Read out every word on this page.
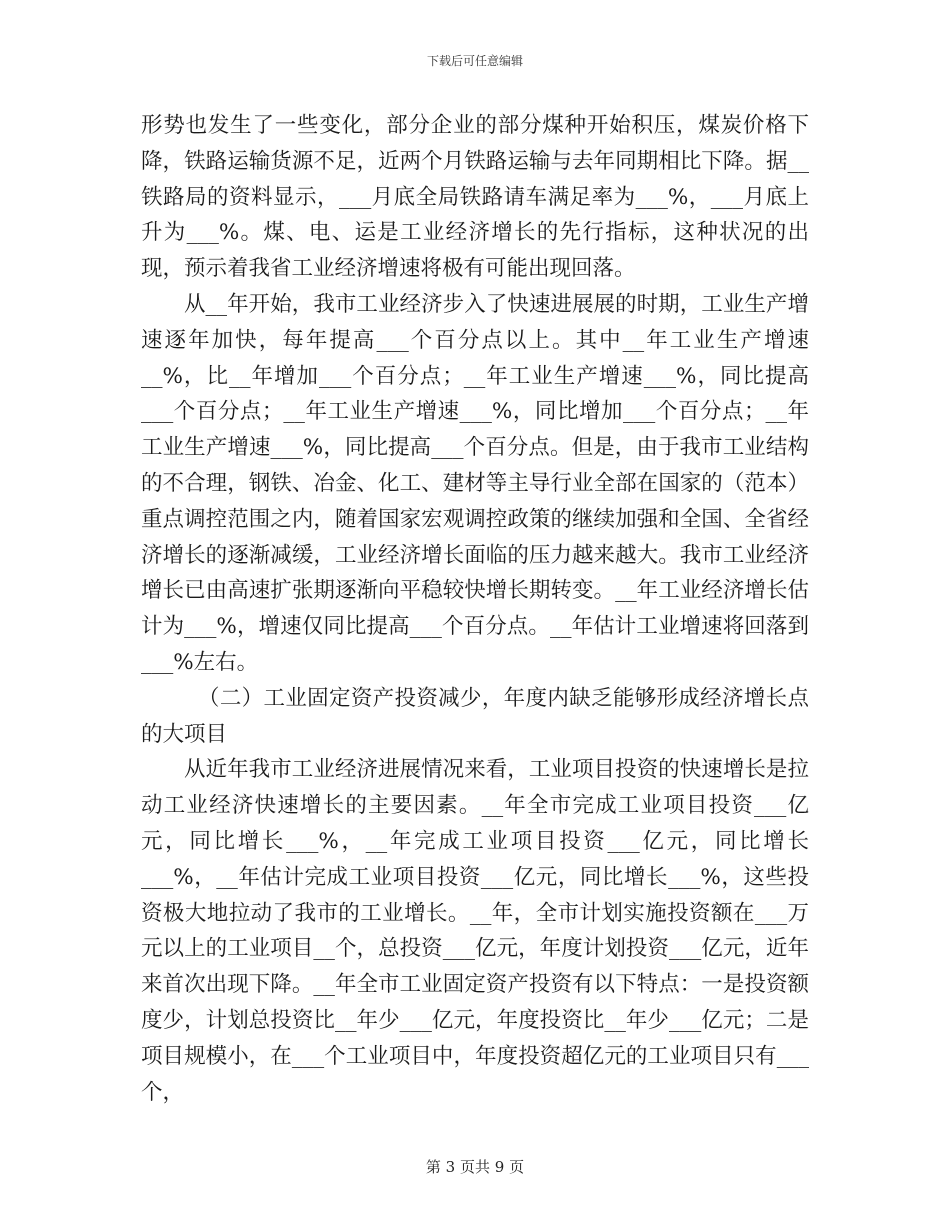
下载后可任意编辑

形势也发生了一些变化，部分企业的部分煤种开始积压，煤炭价格下降，铁路运输货源不足，近两个月铁路运输与去年同期相比下降。据__铁路局的资料显示，___月底全局铁路请车满足率为___%，___月底上升为___%。煤、电、运是工业经济增长的先行指标，这种状况的出现，预示着我省工业经济增速将极有可能出现回落。

从__年开始，我市工业经济步入了快速进展展的时期，工业生产增速逐年加快，每年提高___个百分点以上。其中__年工业生产增速__%，比__年增加___个百分点；__年工业生产增速___%，同比提高___个百分点；__年工业生产增速___%，同比增加___个百分点；__年工业生产增速___%，同比提高___个百分点。但是，由于我市工业结构的不合理，钢铁、冶金、化工、建材等主导行业全部在国家的（范本）重点调控范围之内，随着国家宏观调控政策的继续加强和全国、全省经济增长的逐渐减缓，工业经济增长面临的压力越来越大。我市工业经济增长已由高速扩张期逐渐向平稳较快增长期转变。__年工业经济增长估计为___%，增速仅同比提高___个百分点。__年估计工业增速将回落到___%左右。

（二）工业固定资产投资减少，年度内缺乏能够形成经济增长点的大项目

从近年我市工业经济进展情况来看，工业项目投资的快速增长是拉动工业经济快速增长的主要因素。__年全市完成工业项目投资___亿元，同比增长___%，__年完成工业项目投资___亿元，同比增长___%，__年估计完成工业项目投资___亿元，同比增长___%，这些投资极大地拉动了我市的工业增长。__年，全市计划实施投资额在___万元以上的工业项目__个，总投资___亿元，年度计划投资___亿元，近年来首次出现下降。__年全市工业固定资产投资有以下特点：一是投资额度少，计划总投资比__年少___亿元，年度投资比__年少___亿元；二是项目规模小，在___个工业项目中，年度投资超亿元的工业项目只有___个，

第 3 页共 9 页
